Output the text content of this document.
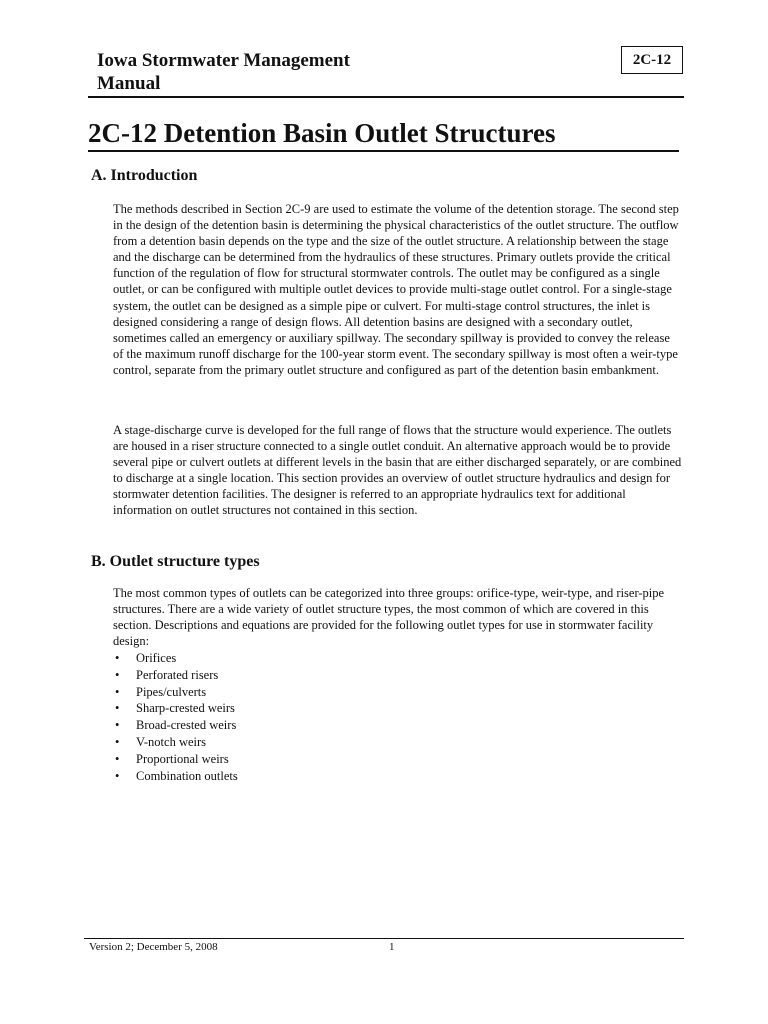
Iowa Stormwater Management Manual
2C-12
2C-12 Detention Basin Outlet Structures
A. Introduction

The methods described in Section 2C-9 are used to estimate the volume of the detention storage. The second step in the design of the detention basin is determining the physical characteristics of the outlet structure. The outflow from a detention basin depends on the type and the size of the outlet structure. A relationship between the stage and the discharge can be determined from the hydraulics of these structures. Primary outlets provide the critical function of the regulation of flow for structural stormwater controls. The outlet may be configured as a single outlet, or can be configured with multiple outlet devices to provide multi-stage outlet control. For a single-stage system, the outlet can be designed as a simple pipe or culvert. For multi-stage control structures, the inlet is designed considering a range of design flows. All detention basins are designed with a secondary outlet, sometimes called an emergency or auxiliary spillway. The secondary spillway is provided to convey the release of the maximum runoff discharge for the 100-year storm event. The secondary spillway is most often a weir-type control, separate from the primary outlet structure and configured as part of the detention basin embankment.

A stage-discharge curve is developed for the full range of flows that the structure would experience. The outlets are housed in a riser structure connected to a single outlet conduit. An alternative approach would be to provide several pipe or culvert outlets at different levels in the basin that are either discharged separately, or are combined to discharge at a single location. This section provides an overview of outlet structure hydraulics and design for stormwater detention facilities. The designer is referred to an appropriate hydraulics text for additional information on outlet structures not contained in this section.

B. Outlet structure types

The most common types of outlets can be categorized into three groups: orifice-type, weir-type, and riser-pipe structures. There are a wide variety of outlet structure types, the most common of which are covered in this section. Descriptions and equations are provided for the following outlet types for use in stormwater facility design:

• Orifices
• Perforated risers
• Pipes/culverts
• Sharp-crested weirs
• Broad-crested weirs
• V-notch weirs
• Proportional weirs
• Combination outlets
Version 2; December 5, 2008	1
